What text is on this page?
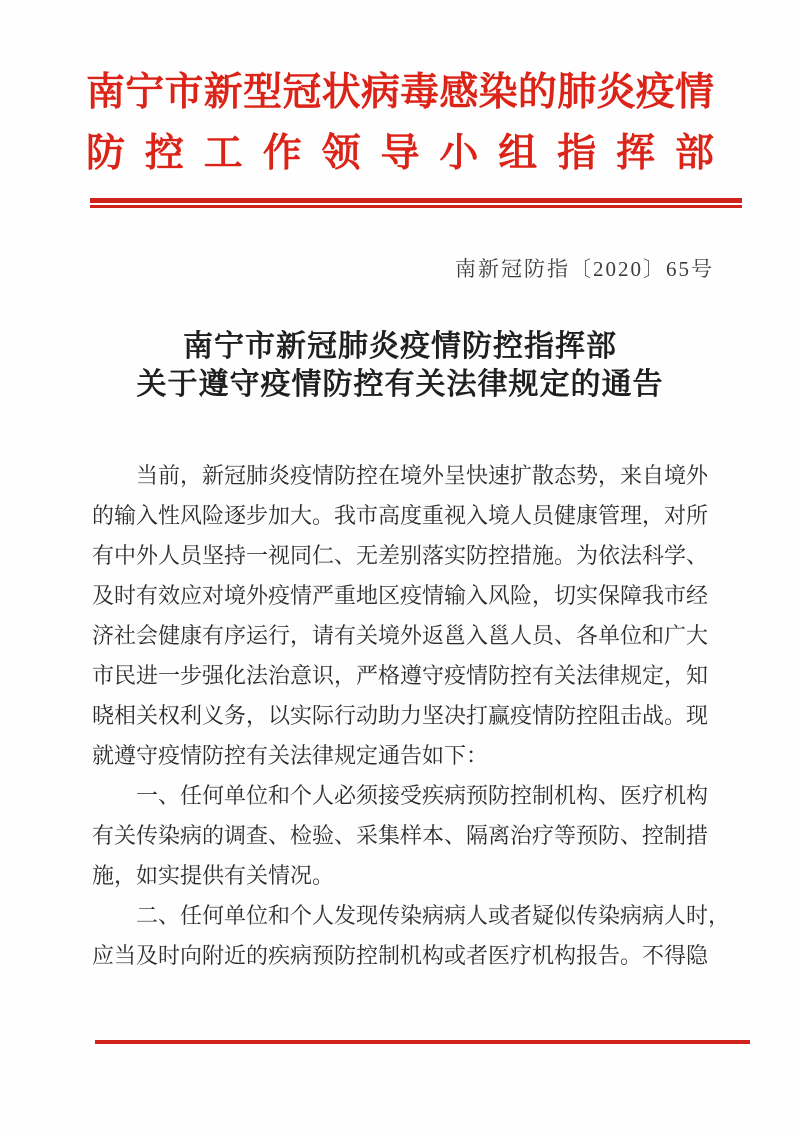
南宁市新型冠状病毒感染的肺炎疫情
防控工作领导小组指挥部
南新冠防指〔2020〕65号
南宁市新冠肺炎疫情防控指挥部
关于遵守疫情防控有关法律规定的通告
当前，新冠肺炎疫情防控在境外呈快速扩散态势，来自境外
的输入性风险逐步加大。我市高度重视入境人员健康管理，对所
有中外人员坚持一视同仁、无差别落实防控措施。为依法科学、
及时有效应对境外疫情严重地区疫情输入风险，切实保障我市经
济社会健康有序运行，请有关境外返邕入邕人员、各单位和广大
市民进一步强化法治意识，严格遵守疫情防控有关法律规定，知
晓相关权利义务，以实际行动助力坚决打赢疫情防控阻击战。现
就遵守疫情防控有关法律规定通告如下：
一、任何单位和个人必须接受疾病预防控制机构、医疗机构
有关传染病的调查、检验、采集样本、隔离治疗等预防、控制措
施，如实提供有关情况。
二、任何单位和个人发现传染病病人或者疑似传染病病人时，
应当及时向附近的疾病预防控制机构或者医疗机构报告。不得隐
